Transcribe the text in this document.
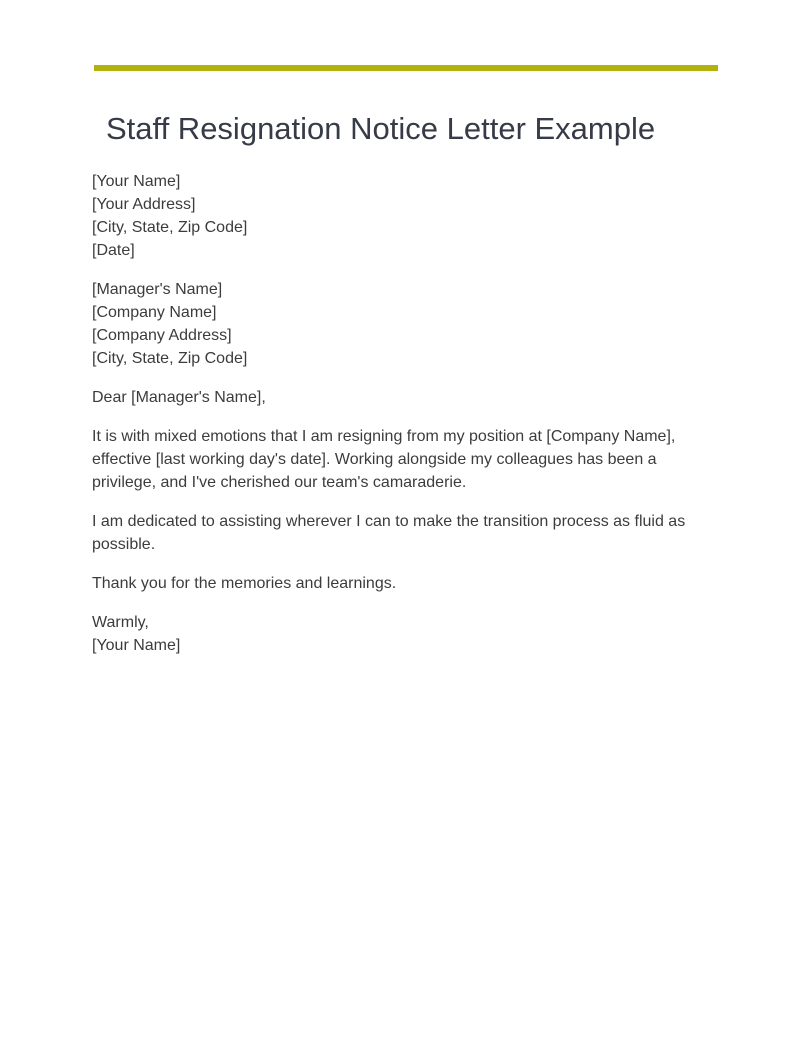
Staff Resignation Notice Letter Example
[Your Name]
[Your Address]
[City, State, Zip Code]
[Date]
[Manager's Name]
[Company Name]
[Company Address]
[City, State, Zip Code]

Dear [Manager's Name],

It is with mixed emotions that I am resigning from my position at [Company Name], effective [last working day's date]. Working alongside my colleagues has been a privilege, and I've cherished our team's camaraderie.

I am dedicated to assisting wherever I can to make the transition process as fluid as possible.

Thank you for the memories and learnings.

Warmly,
[Your Name]
